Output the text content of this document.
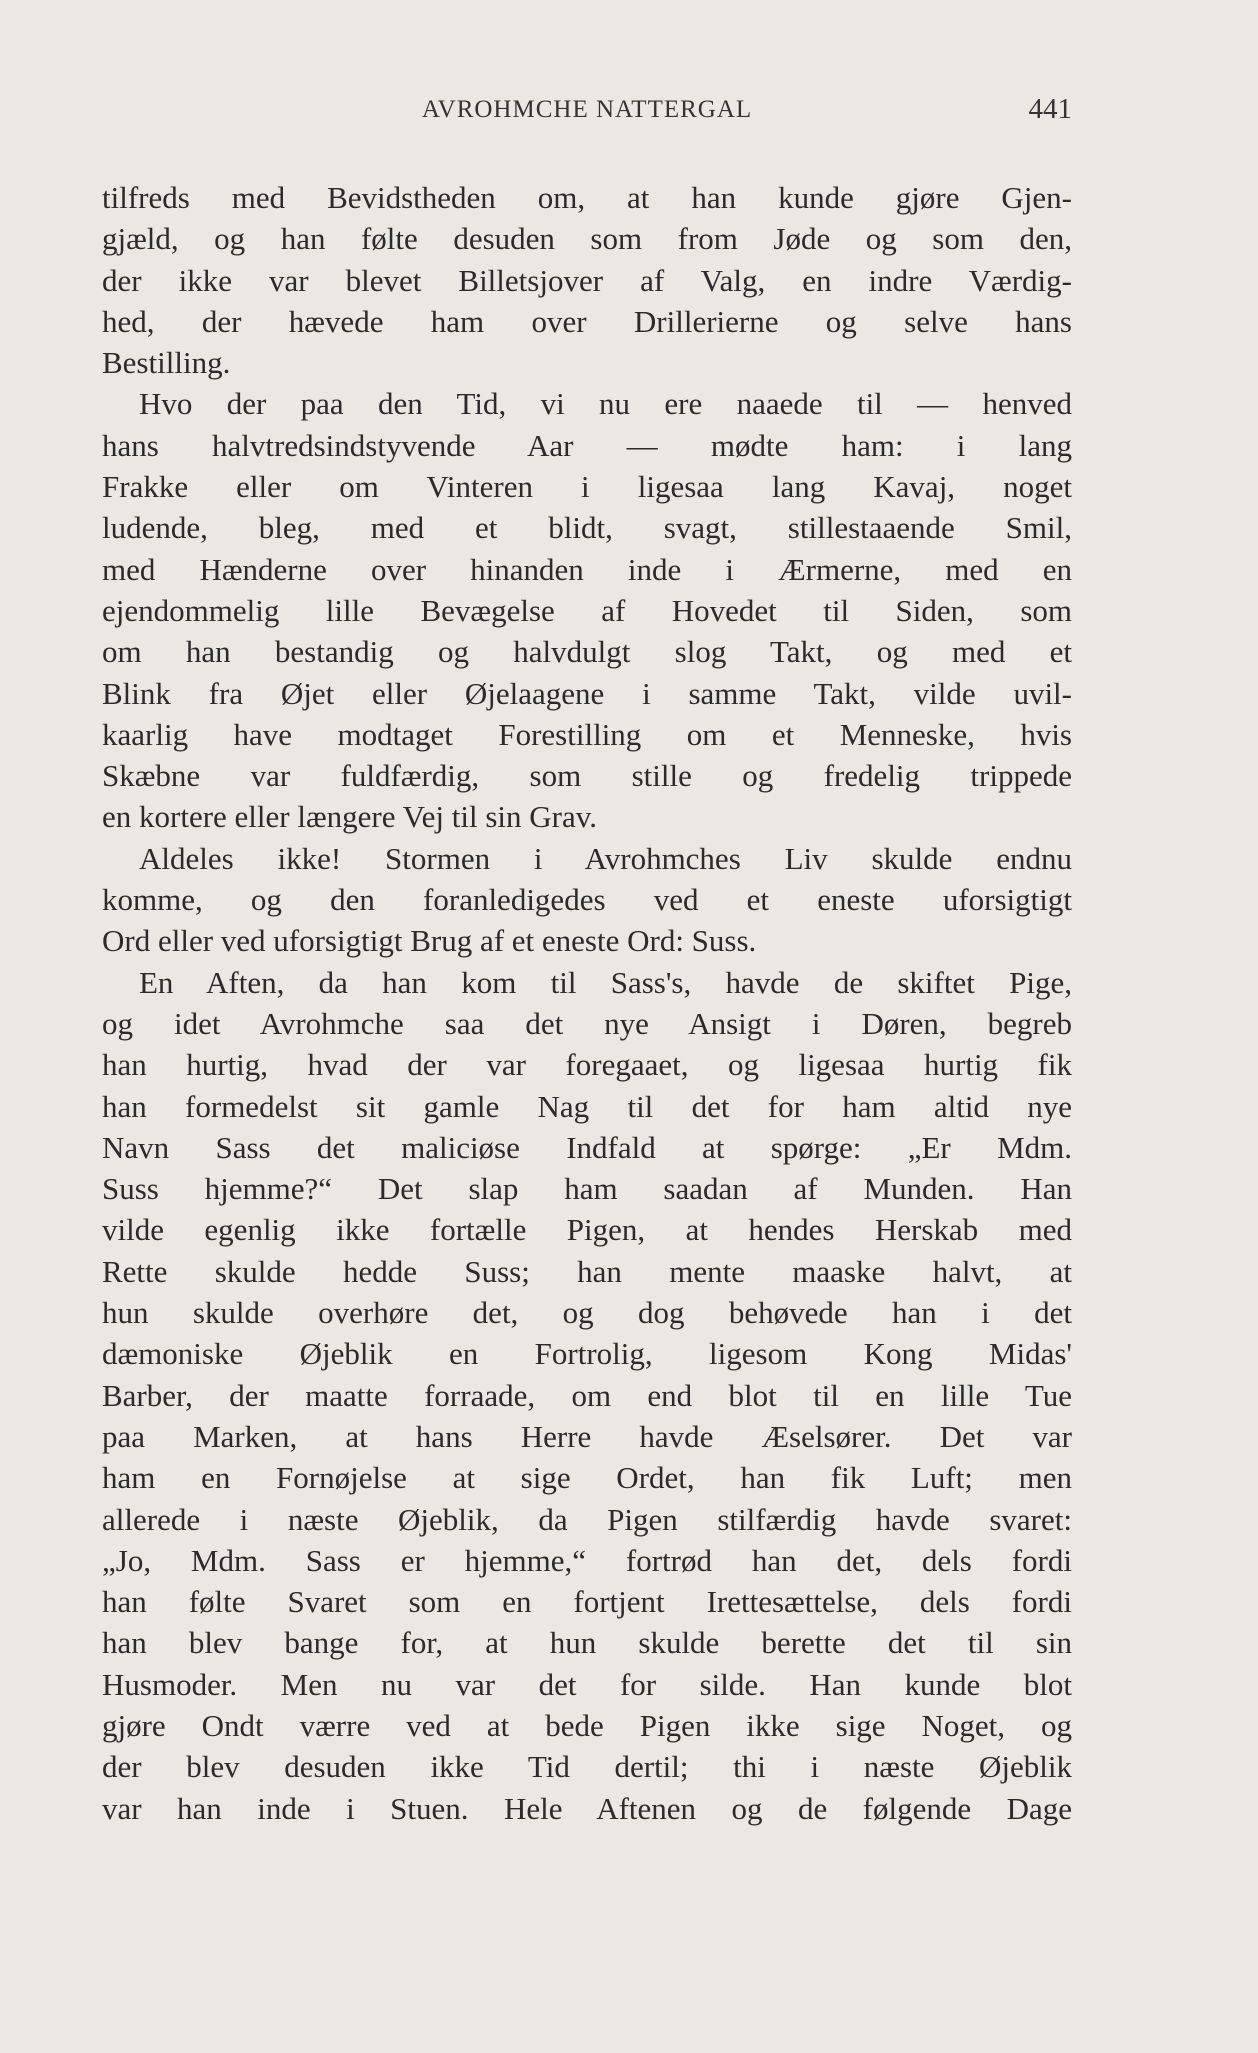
AVROHMCHE NATTERGAL	441
tilfreds med Bevidstheden om, at han kunde gjøre Gjen-
gjæld, og han følte desuden som from Jøde og som den,
der ikke var blevet Billetsjover af Valg, en indre Værdig-
hed, der hævede ham over Drillerierne og selve hans
Bestilling.
Hvo der paa den Tid, vi nu ere naaede til — henved
hans halvtredsindstyvende Aar — mødte ham: i lang
Frakke eller om Vinteren i ligesaa lang Kavaj, noget
ludende, bleg, med et blidt, svagt, stillestaaende Smil,
med Hænderne over hinanden inde i Ærmerne, med en
ejendommelig lille Bevægelse af Hovedet til Siden, som
om han bestandig og halvdulgt slog Takt, og med et
Blink fra Øjet eller Øjelaagene i samme Takt, vilde uvil-
kaarlig have modtaget Forestilling om et Menneske, hvis
Skæbne var fuldfærdig, som stille og fredelig trippede
en kortere eller længere Vej til sin Grav.
Aldeles ikke! Stormen i Avrohmches Liv skulde endnu
komme, og den foranledigedes ved et eneste uforsigtigt
Ord eller ved uforsigtigt Brug af et eneste Ord: Suss.
En Aften, da han kom til Sass's, havde de skiftet Pige,
og idet Avrohmche saa det nye Ansigt i Døren, begreb
han hurtig, hvad der var foregaaet, og ligesaa hurtig fik
han formedelst sit gamle Nag til det for ham altid nye
Navn Sass det maliciøse Indfald at spørge: „Er Mdm.
Suss hjemme?“ Det slap ham saadan af Munden. Han
vilde egenlig ikke fortælle Pigen, at hendes Herskab med
Rette skulde hedde Suss; han mente maaske halvt, at
hun skulde overhøre det, og dog behøvede han i det
dæmoniske Øjeblik en Fortrolig, ligesom Kong Midas'
Barber, der maatte forraade, om end blot til en lille Tue
paa Marken, at hans Herre havde Æselsører. Det var
ham en Fornøjelse at sige Ordet, han fik Luft; men
allerede i næste Øjeblik, da Pigen stilfærdig havde svaret:
„Jo, Mdm. Sass er hjemme,“ fortrød han det, dels fordi
han følte Svaret som en fortjent Irettesættelse, dels fordi
han blev bange for, at hun skulde berette det til sin
Husmoder. Men nu var det for silde. Han kunde blot
gjøre Ondt værre ved at bede Pigen ikke sige Noget, og
der blev desuden ikke Tid dertil; thi i næste Øjeblik
var han inde i Stuen. Hele Aftenen og de følgende Dage
